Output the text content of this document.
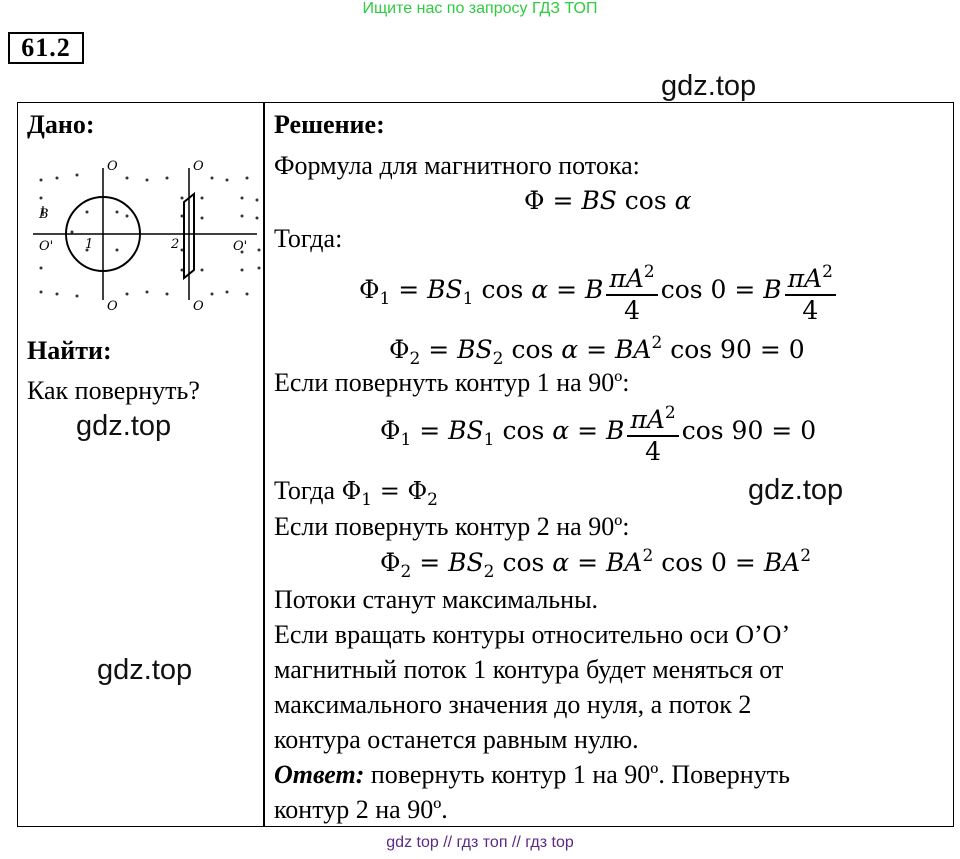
Ищите нас по запросу ГДЗ ТОП
61.2
gdz.top
Дано:
O	O
O	O
O'	O'
B
1	2
Найти:
Как повернуть?
gdz.top
gdz.top
Решение:
Формула для магнитного потока:
Φ = BS cos α
Тогда:
$\Phi_1 = BS_1$ cos α = B $\frac{\pi A^2}{4}$ cos 0 = B $\frac{\pi A^2}{4}$
$\Phi_2 = BS_2$ $\cos \alpha = BA^2$ cos 90 = 0
Если повернуть контур 1 на 90º:
$\Phi_1 = BS_1$ cos α = B $\frac{\pi A^2}{4}$ cos 90 = 0
Тогда $\Phi_1 = \Phi_2$	gdz.top
Если повернуть контур 2 на 90º:
$\Phi_2 = BS_2$ $\cos \alpha = BA^2$ $\cos 0 = BA^2$
Потоки станут максимальны.
Если вращать контуры относительно оси O’O’
магнитный поток 1 контура будет меняться от
максимального значения до нуля, а поток 2
контура останется равным нулю.
Ответ: повернуть контур 1 на 90º. Повернуть
контур 2 на 90º.
gdz top // гдз топ // гдз top
